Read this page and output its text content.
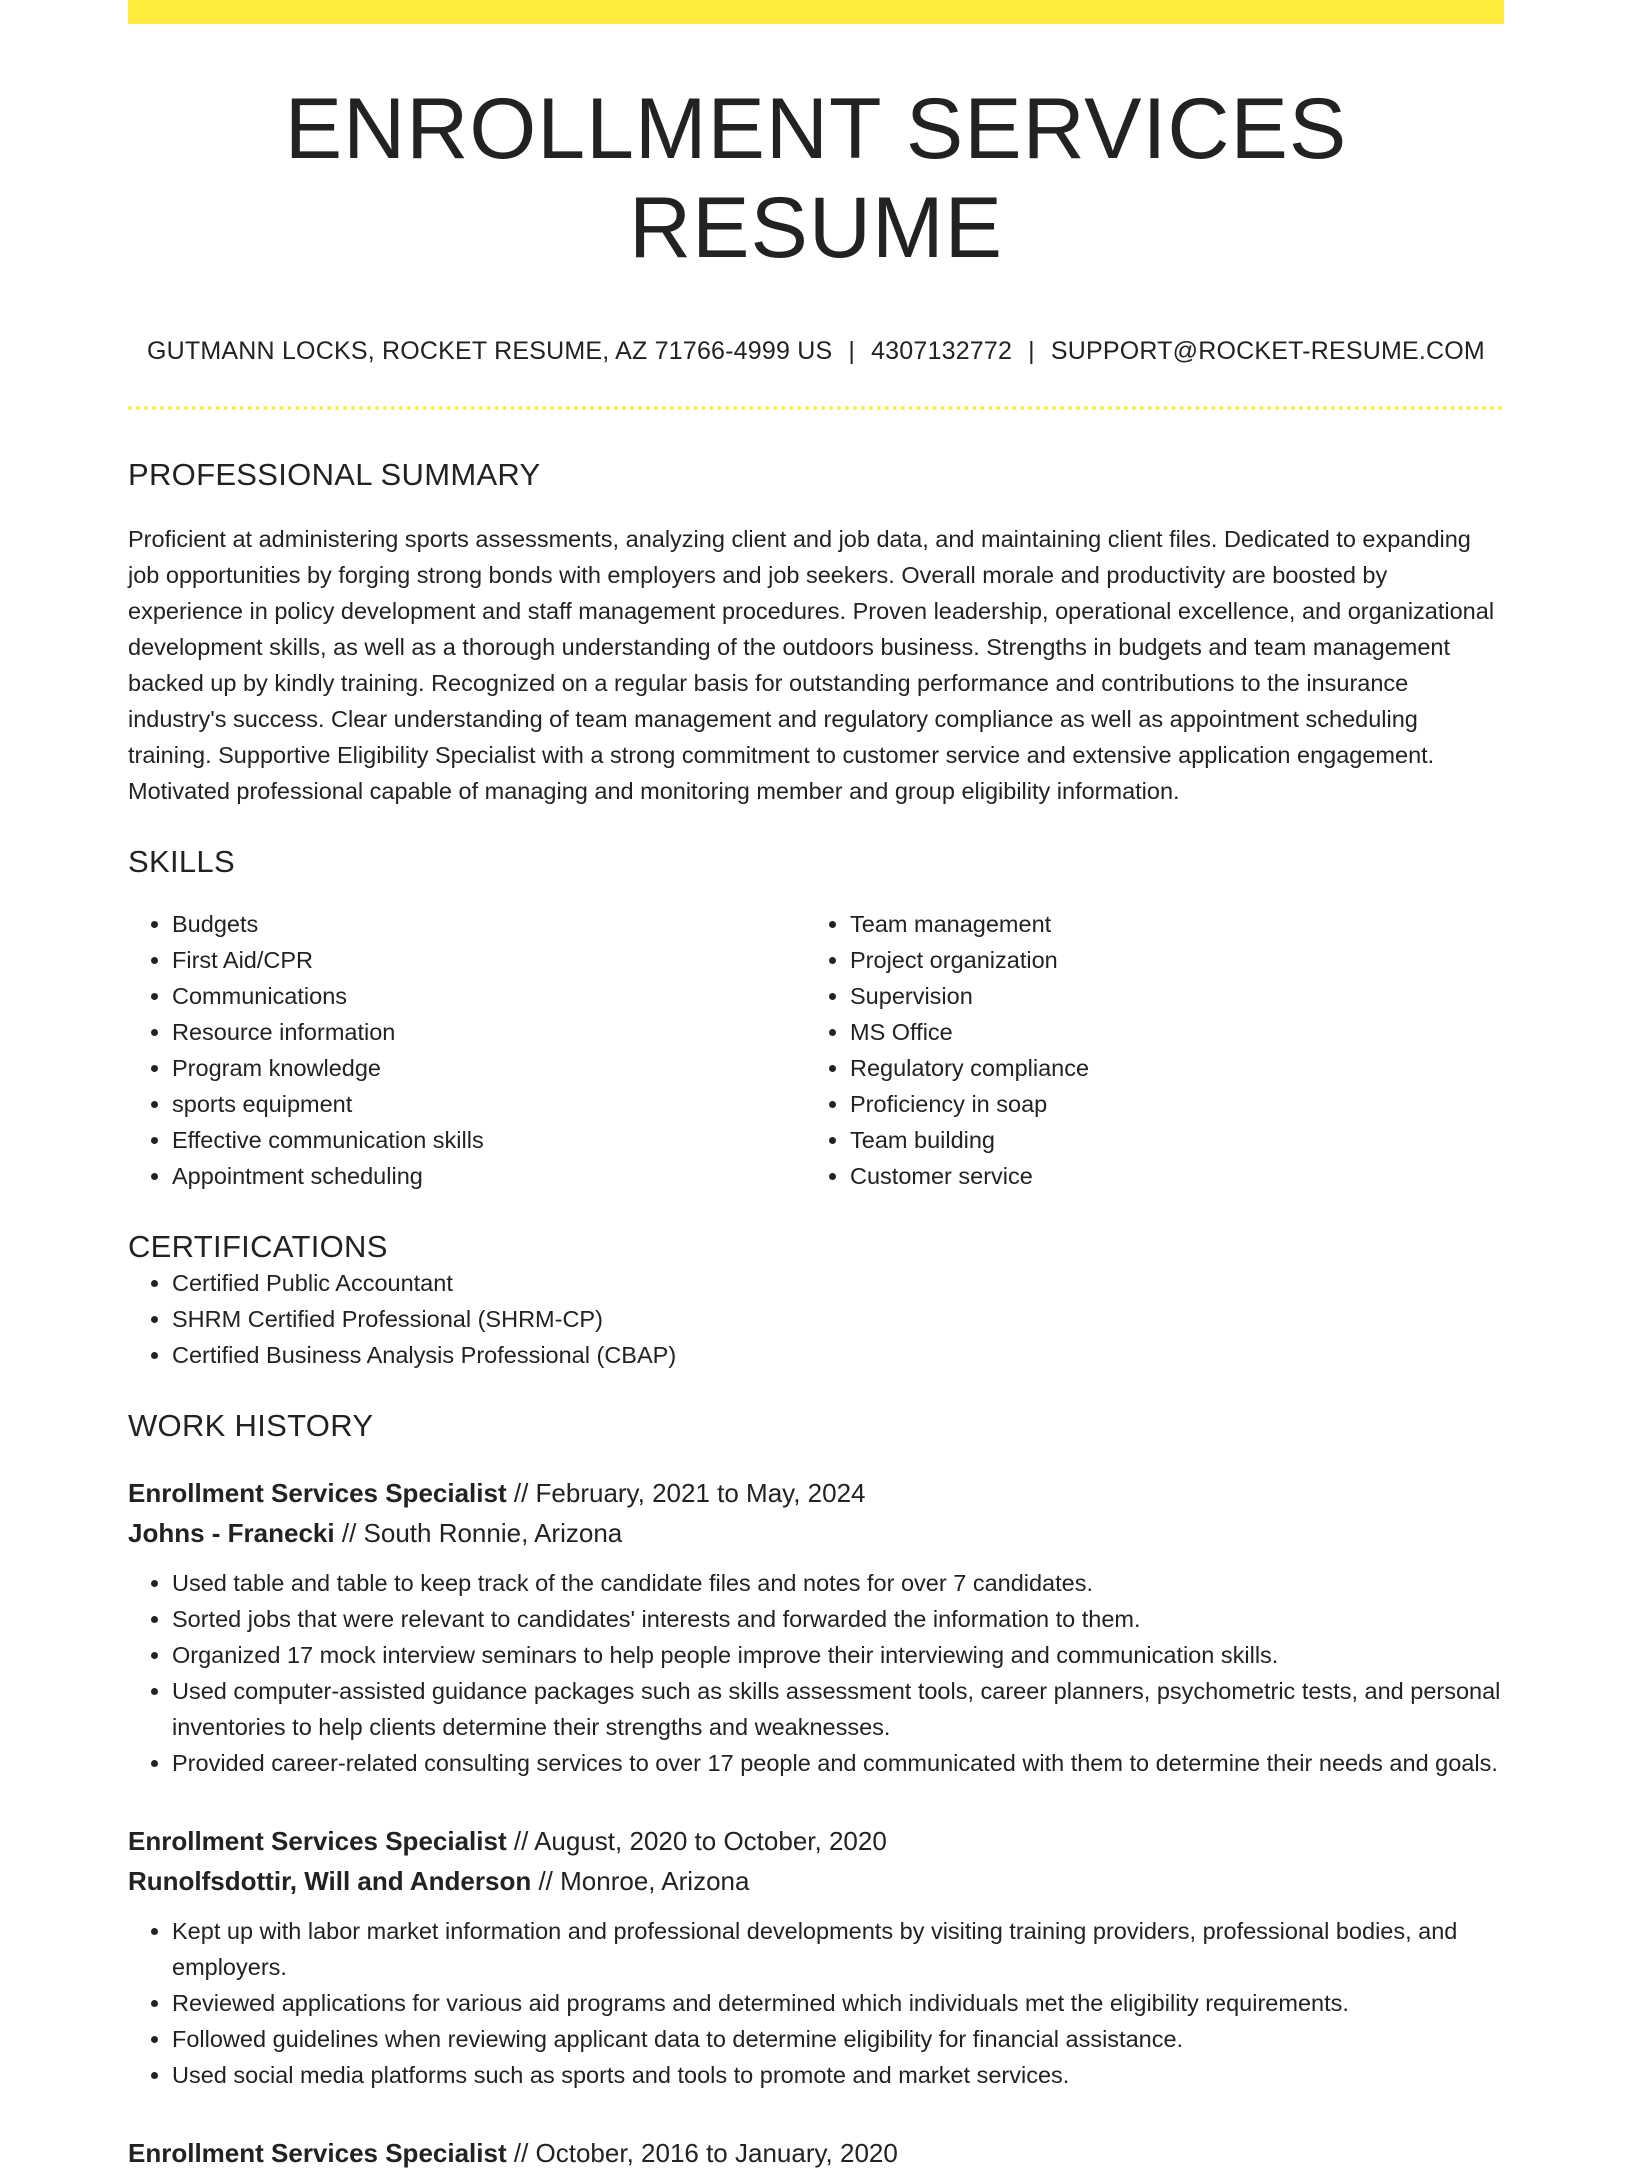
ENROLLMENT SERVICES RESUME
GUTMANN LOCKS, ROCKET RESUME, AZ 71766-4999 US | 4307132772 | SUPPORT@ROCKET-RESUME.COM
PROFESSIONAL SUMMARY

Proficient at administering sports assessments, analyzing client and job data, and maintaining client files. Dedicated to expanding job opportunities by forging strong bonds with employers and job seekers. Overall morale and productivity are boosted by experience in policy development and staff management procedures. Proven leadership, operational excellence, and organizational development skills, as well as a thorough understanding of the outdoors business. Strengths in budgets and team management backed up by kindly training. Recognized on a regular basis for outstanding performance and contributions to the insurance industry's success. Clear understanding of team management and regulatory compliance as well as appointment scheduling training. Supportive Eligibility Specialist with a strong commitment to customer service and extensive application engagement. Motivated professional capable of managing and monitoring member and group eligibility information.

SKILLS
• Budgets
• First Aid/CPR
• Communications
• Resource information
• Program knowledge
• sports equipment
• Effective communication skills
• Appointment scheduling
• Team management
• Project organization
• Supervision
• MS Office
• Regulatory compliance
• Proficiency in soap
• Team building
• Customer service
CERTIFICATIONS
• Certified Public Accountant
• SHRM Certified Professional (SHRM-CP)
• Certified Business Analysis Professional (CBAP)
WORK HISTORY
Enrollment Services Specialist // February, 2021 to May, 2024
Johns - Franecki // South Ronnie, Arizona
• Used table and table to keep track of the candidate files and notes for over 7 candidates.
• Sorted jobs that were relevant to candidates' interests and forwarded the information to them.
• Organized 17 mock interview seminars to help people improve their interviewing and communication skills.
• Used computer-assisted guidance packages such as skills assessment tools, career planners, psychometric tests, and personal inventories to help clients determine their strengths and weaknesses.
• Provided career-related consulting services to over 17 people and communicated with them to determine their needs and goals.
Enrollment Services Specialist // August, 2020 to October, 2020
Runolfsdottir, Will and Anderson // Monroe, Arizona
• Kept up with labor market information and professional developments by visiting training providers, professional bodies, and employers.
• Reviewed applications for various aid programs and determined which individuals met the eligibility requirements.
• Followed guidelines when reviewing applicant data to determine eligibility for financial assistance.
• Used social media platforms such as sports and tools to promote and market services.
Enrollment Services Specialist // October, 2016 to January, 2020
